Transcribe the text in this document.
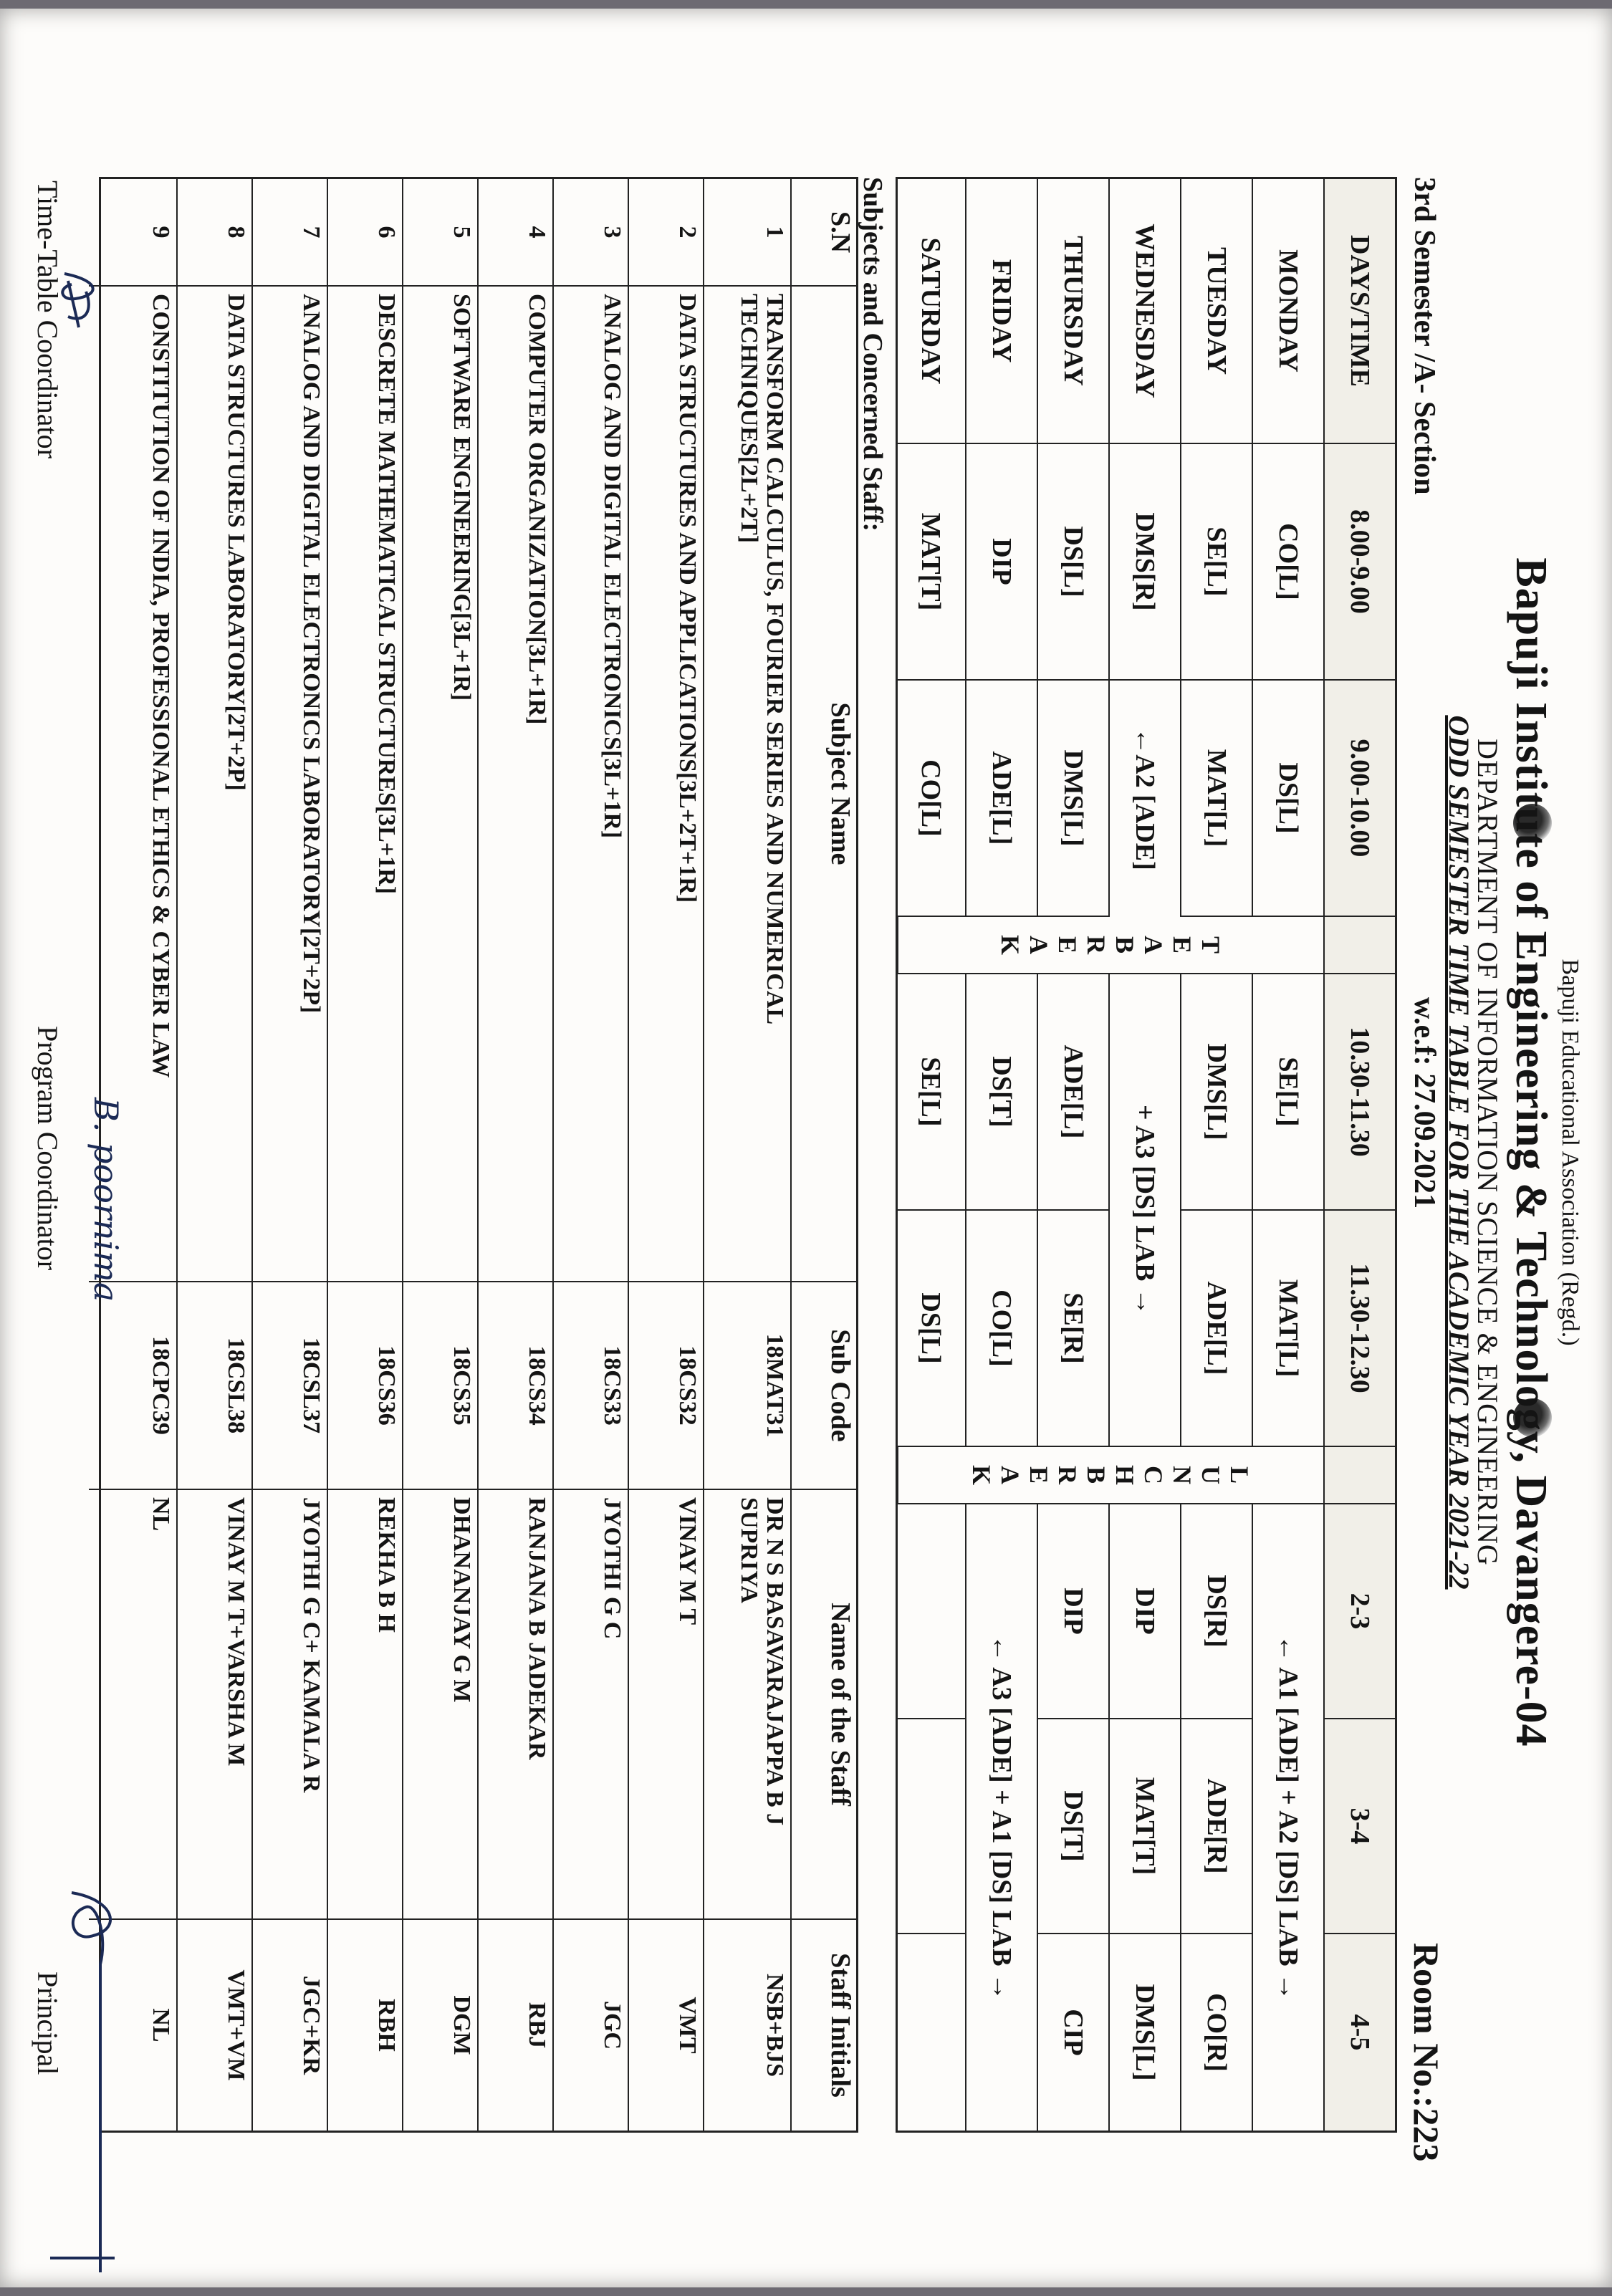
Bapuji Educational Association (Regd.)
Bapuji Institute of Engineering & Technology, Davangere-04
DEPARTMENT OF INFORMATION SCIENCE & ENGINEERING
ODD SEMESTER TIME TABLE FOR THE ACADEMIC YEAR 2021-22
3rd Semester /A- Section
w.e.f: 27.09.2021
Room No.:223
DAYS/TIME
8.00-9.00
9.00-10.00
10.30-11.30
11.30-12.30
2-3
3-4
4-5
T
E
A
B
R
E
A
K
L
U
N
C
H
B
R
E
A
K
MONDAY
CO[L]
DS[L]
SE[L]
MAT[L]
← A1 [ADE] + A2 [DS] LAB →
TUESDAY
SE[L]
MAT[L]
DMS[L]
ADE[L]
DS[R]
ADE[R]
CO[R]
WEDNESDAY
DMS[R]
←A2 [ADE]
+ A3 [DS] LAB →
DIP
MAT[T]
DMS[L]
THURSDAY
DS[L]
DMS[L]
ADE[L]
SE[R]
DIP
DS[T]
CIP
FRIDAY
DIP
ADE[L]
DS[T]
CO[L]
← A3 [ADE] + A1 [DS] LAB →
SATURDAY
MAT[T]
CO[L]
SE[L]
DS[L]
Subjects and Concerned Staff:
S.N
Subject Name
Sub Code
Name of the Staff
Staff Initials
1
TRANSFORM CALCULUS, FOURIER SERIES AND NUMERICAL TECHNIQUES[2L+2T]
18MAT31
DR N S BASAVARAJAPPA B J SUPRIYA
NSB+BJS
2
DATA STRUCTURES AND APPLICATIONS[3L+2T+1R]
18CS32
VINAY M T
VMT
3
ANALOG AND DIGITAL ELECTRONICS[3L+1R]
18CS33
JYOTHI G C
JGC
4
COMPUTER ORGANIZATION[3L+1R]
18CS34
RANJANA B JADEKAR
RBJ
5
SOFTWARE ENGINEERING[3L+1R]
18CS35
DHANANJAY G M
DGM
6
DESCRETE MATHEMATICAL STRUCTURES[3L+1R]
18CS36
REKHA B H
RBH
7
ANALOG AND DIGITAL ELECTRONICS LABORATORY[2T+2P]
18CSL37
JYOTHI G C+ KAMALA R
JGC+KR
8
DATA STRUCTURES LABORATORY[2T+2P]
18CSL38
VINAY M T+VARSHA M
VMT+VM
9
CONSTITUTION OF INDIA, PROFESSIONAL ETHICS & CYBER LAW
18CPC39
NL
NL
Time-Table Coordinator
Program Coordinator B. poornima
Principal
